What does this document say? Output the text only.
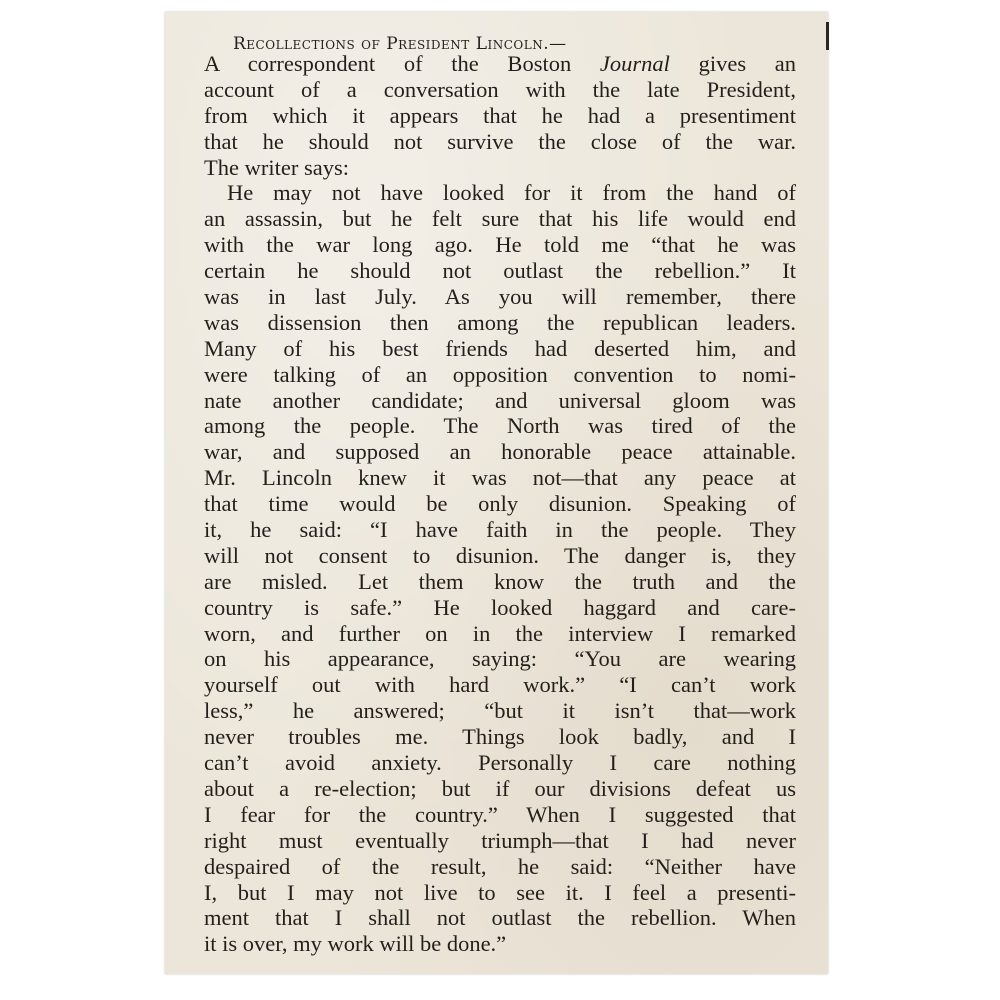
Recollections of President Lincoln.—
A correspondent of the Boston Journal gives an
account of a conversation with the late President,
from which it appears that he had a presentiment
that he should not survive the close of the war.
The writer says:
He may not have looked for it from the hand of
an assassin, but he felt sure that his life would end
with the war long ago. He told me “that he was
certain he should not outlast the rebellion.” It
was in last July. As you will remember, there
was dissension then among the republican leaders.
Many of his best friends had deserted him, and
were talking of an opposition convention to nomi-
nate another candidate; and universal gloom was
among the people. The North was tired of the
war, and supposed an honorable peace attainable.
Mr. Lincoln knew it was not—that any peace at
that time would be only disunion. Speaking of
it, he said: “I have faith in the people. They
will not consent to disunion. The danger is, they
are misled. Let them know the truth and the
country is safe.” He looked haggard and care-
worn, and further on in the interview I remarked
on his appearance, saying: “You are wearing
yourself out with hard work.” “I can’t work
less,” he answered; “but it isn’t that—work
never troubles me. Things look badly, and I
can’t avoid anxiety. Personally I care nothing
about a re-election; but if our divisions defeat us
I fear for the country.” When I suggested that
right must eventually triumph—that I had never
despaired of the result, he said: “Neither have
I, but I may not live to see it. I feel a presenti-
ment that I shall not outlast the rebellion. When
it is over, my work will be done.”
